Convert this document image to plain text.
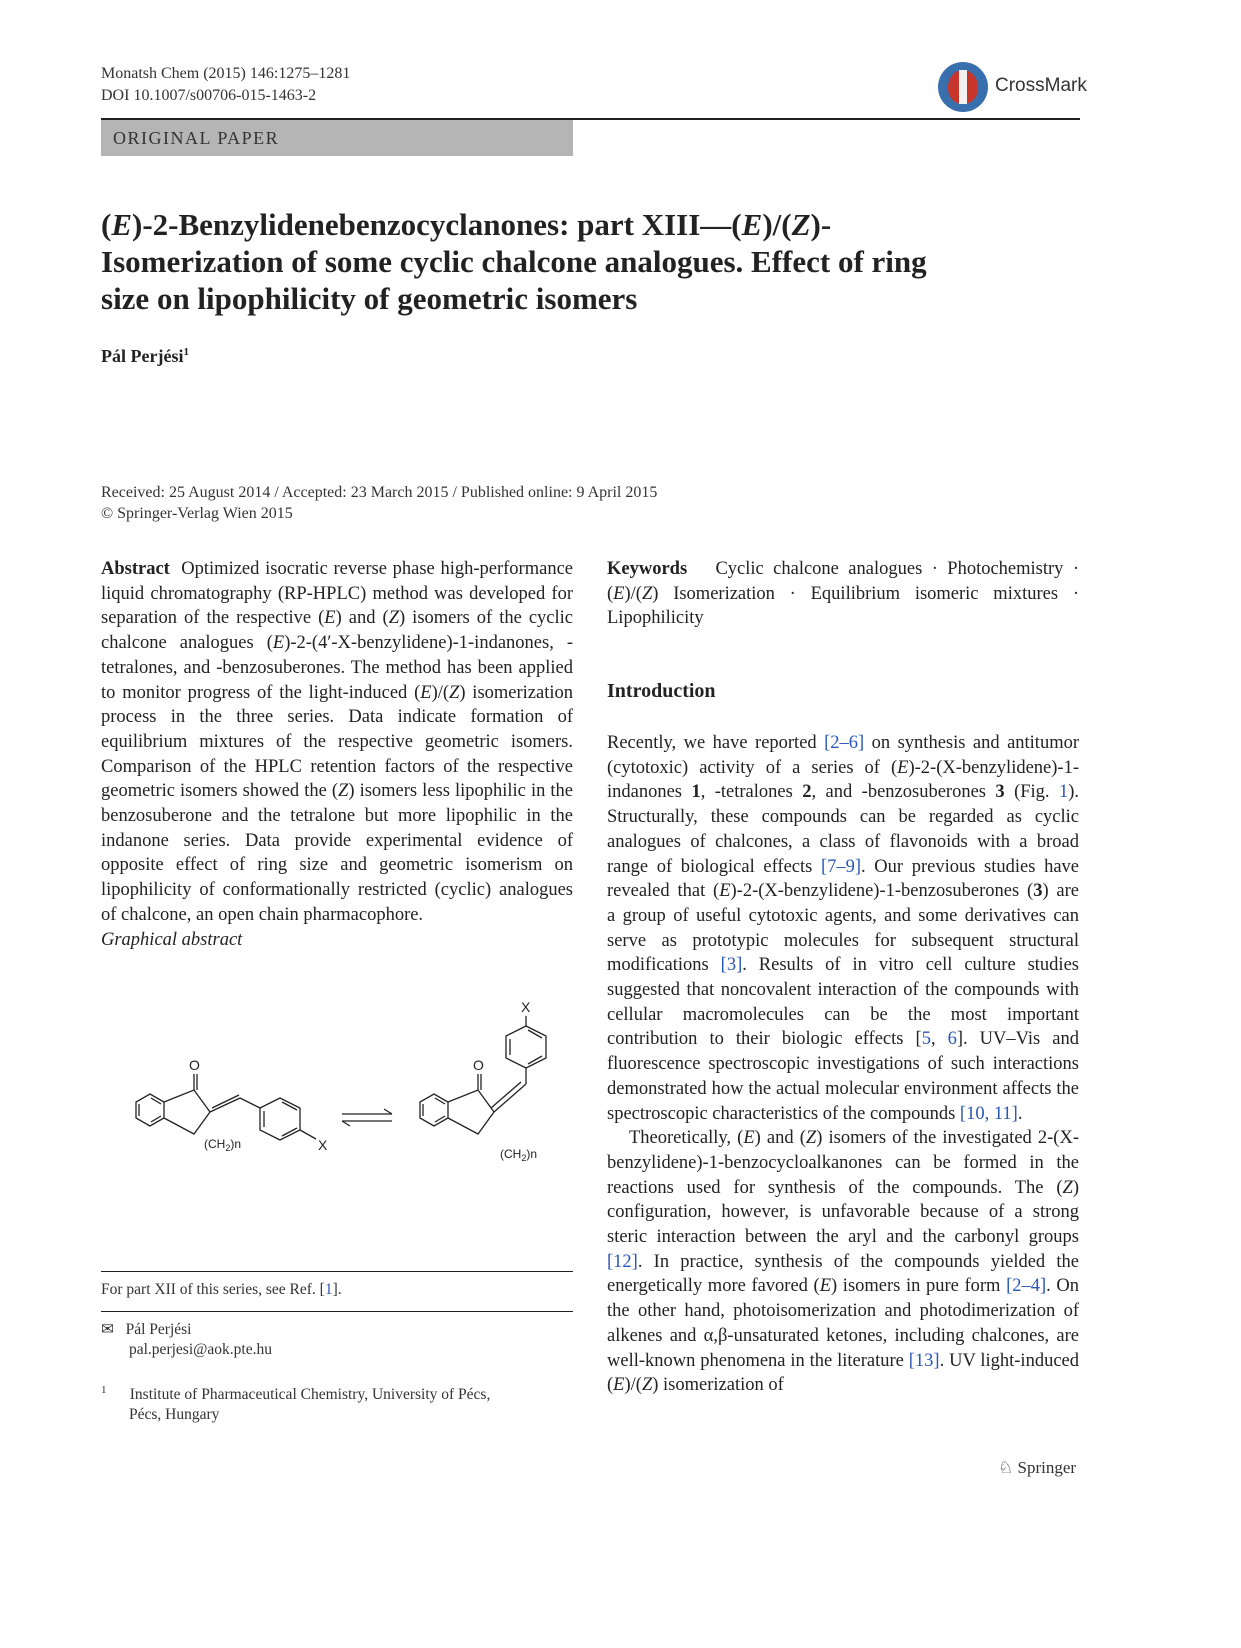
Monatsh Chem (2015) 146:1275–1281
DOI 10.1007/s00706-015-1463-2	CrossMark
ORIGINAL PAPER
(E)-2-Benzylidenebenzocyclanones: part XIII—(E)/(Z)-
Isomerization of some cyclic chalcone analogues. Effect of ring
size on lipophilicity of geometric isomers
Pál Perjési$^1$
Received: 25 August 2014 / Accepted: 23 March 2015 / Published online: 9 April 2015
© Springer-Verlag Wien 2015
Abstract Optimized isocratic reverse phase high-performance liquid chromatography (RP-HPLC) method was developed for separation of the respective (E) and (Z) isomers of the cyclic chalcone analogues (E)-2-(4′-X-benzylidene)-1-indanones, -tetralones, and -benzosuberones. The method has been applied to monitor progress of the light-induced (E)/(Z) isomerization process in the three series. Data indicate formation of equilibrium mixtures of the respective geometric isomers. Comparison of the HPLC retention factors of the respective geometric isomers showed the (Z) isomers less lipophilic in the benzosuberone and the tetralone but more lipophilic in the indanone series. Data provide experimental evidence of opposite effect of ring size and geometric isomerism on lipophilicity of conformationally restricted (cyclic) analogues of chalcone, an open chain pharmacophore.
Graphical abstract
O
X
$(CH_2)n$
O
X
$(CH_2)n$
For part XII of this series, see Ref. [1].
✉ Pál Perjési
pal.perjesi@aok.pte.hu
$^1$ Institute of Pharmaceutical Chemistry, University of Pécs,
Pécs, Hungary
Keywords Cyclic chalcone analogues · Photochemistry · (E)/(Z) Isomerization · Equilibrium isomeric mixtures · Lipophilicity
Introduction

Recently, we have reported [2–6] on synthesis and antitumor (cytotoxic) activity of a series of (E)-2-(X-benzylidene)-1-indanones 1, -tetralones 2, and -benzosuberones 3 (Fig. 1). Structurally, these compounds can be regarded as cyclic analogues of chalcones, a class of flavonoids with a broad range of biological effects [7–9]. Our previous studies have revealed that (E)-2-(X-benzylidene)-1-benzosuberones (3) are a group of useful cytotoxic agents, and some derivatives can serve as prototypic molecules for subsequent structural modifications [3]. Results of in vitro cell culture studies suggested that noncovalent interaction of the compounds with cellular macromolecules can be the most important contribution to their biologic effects [5, 6]. UV–Vis and fluorescence spectroscopic investigations of such interactions demonstrated how the actual molecular environment affects the spectroscopic characteristics of the compounds [10, 11].

Theoretically, (E) and (Z) isomers of the investigated 2-(X-benzylidene)-1-benzocycloalkanones can be formed in the reactions used for synthesis of the compounds. The (Z) configuration, however, is unfavorable because of a strong steric interaction between the aryl and the carbonyl groups [12]. In practice, synthesis of the compounds yielded the energetically more favored (E) isomers in pure form [2–4]. On the other hand, photoisomerization and photodimerization of alkenes and α,β-unsaturated ketones, including chalcones, are well-known phenomena in the literature [13]. UV light-induced (E)/(Z) isomerization of

♘ Springer
